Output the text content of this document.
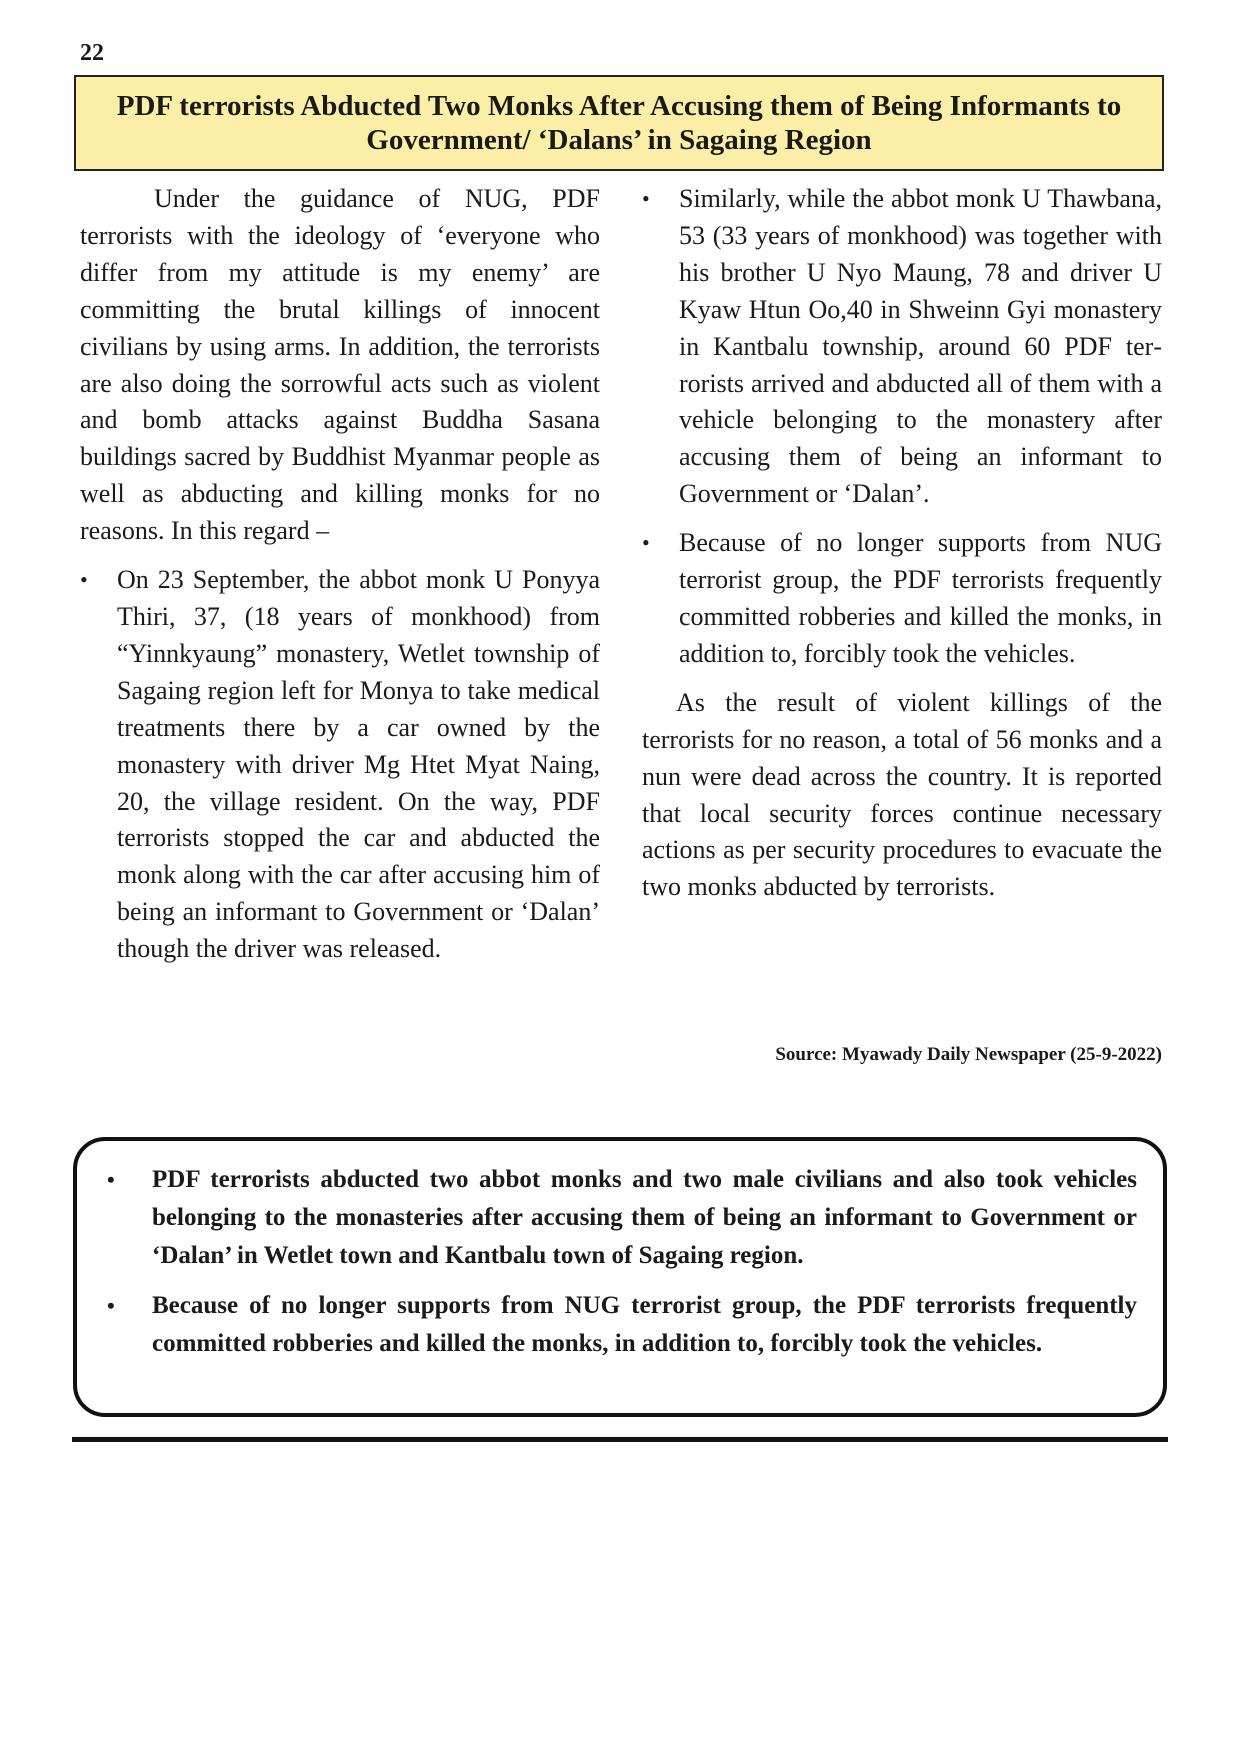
22
PDF terrorists Abducted Two Monks After Accusing them of Being Informants to Government/ ‘Dalans’ in Sagaing Region

Under the guidance of NUG, PDF terrorists with the ideology of ‘everyone who differ from my attitude is my enemy’ are committing the brutal killings of innocent civilians by using arms. In addition, the terrorists are also doing the sorrowful acts such as violent and bomb attacks against Buddha Sasana buildings sacred by Buddhist Myanmar people as well as abducting and killing monks for no reasons. In this regard –

• On 23 September, the abbot monk U Ponyya Thiri, 37, (18 years of monkhood) from “Yinnkyaung” monastery, Wetlet township of Sagaing region left for Monya to take medical treatments there by a car owned by the monastery with driver Mg Htet Myat Naing, 20, the village resident. On the way, PDF terrorists stopped the car and abducted the monk along with the car after accusing him of being an informant to Government or ‘Dalan’ though the driver was released.
• Similarly, while the abbot monk U Thawbana, 53 (33 years of monkhood) was together with his brother U Nyo Maung, 78 and driver U Kyaw Htun Oo,40 in Shweinn Gyi monastery in Kantbalu township, around 60 PDF terrorists arrived and abducted all of them with a vehicle belonging to the monastery after accusing them of being an informant to Government or ‘Dalan’.
• Because of no longer supports from NUG terrorist group, the PDF terrorists frequently committed robberies and killed the monks, in addition to, forcibly took the vehicles.

As the result of violent killings of the terrorists for no reason, a total of 56 monks and a nun were dead across the country. It is reported that local security forces continue necessary actions as per security procedures to evacuate the two monks abducted by terrorists.

Source: Myawady Daily Newspaper (25-9-2022)
• PDF terrorists abducted two abbot monks and two male civilians and also took vehicles belonging to the monasteries after accusing them of being an informant to Government or ‘Dalan’ in Wetlet town and Kantbalu town of Sagaing region.
• Because of no longer supports from NUG terrorist group, the PDF terrorists frequently committed robberies and killed the monks, in addition to, forcibly took the vehicles.
